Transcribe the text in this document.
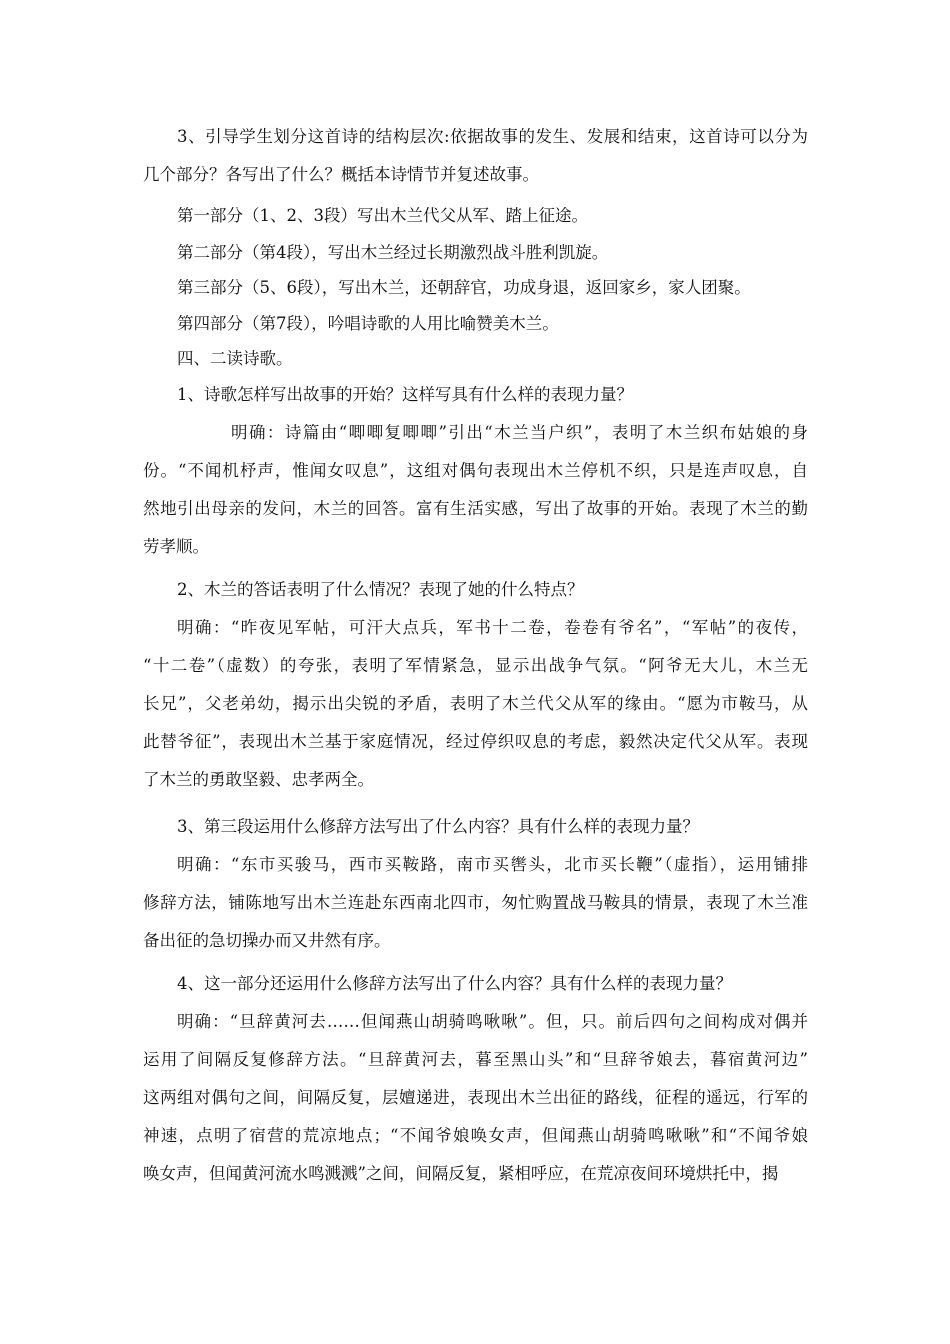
3、引导学生划分这首诗的结构层次:依据故事的发生、发展和结束，这首诗可以分为
几个部分？各写出了什么？概括本诗情节并复述故事。
第一部分（1、2、3段）写出木兰代父从军、踏上征途。
第二部分（第4段），写出木兰经过长期激烈战斗胜利凯旋。
第三部分（5、6段），写出木兰，还朝辞官，功成身退，返回家乡，家人团聚。
第四部分（第7段），吟唱诗歌的人用比喻赞美木兰。
四、二读诗歌。
1、诗歌怎样写出故事的开始？这样写具有什么样的表现力量？
明确：诗篇由“唧唧复唧唧”引出“木兰当户织”，表明了木兰织布姑娘的身
份。“不闻机杼声，惟闻女叹息”，这组对偶句表现出木兰停机不织，只是连声叹息，自
然地引出母亲的发问，木兰的回答。富有生活实感，写出了故事的开始。表现了木兰的勤
劳孝顺。
2、木兰的答话表明了什么情况？表现了她的什么特点？
明确：“昨夜见军帖，可汗大点兵，军书十二卷，卷卷有爷名”，“军帖”的夜传，
“十二卷”（虚数）的夸张，表明了军情紧急，显示出战争气氛。“阿爷无大儿，木兰无
长兄”，父老弟幼，揭示出尖锐的矛盾，表明了木兰代父从军的缘由。“愿为市鞍马，从
此替爷征”，表现出木兰基于家庭情况，经过停织叹息的考虑，毅然决定代父从军。表现
了木兰的勇敢坚毅、忠孝两全。
3、第三段运用什么修辞方法写出了什么内容？具有什么样的表现力量？
明确：“东市买骏马，西市买鞍路，南市买辔头，北市买长鞭”（虚指），运用铺排
修辞方法，铺陈地写出木兰连赴东西南北四市，匆忙购置战马鞍具的情景，表现了木兰准
备出征的急切操办而又井然有序。
4、这一部分还运用什么修辞方法写出了什么内容？具有什么样的表现力量？
明确：“旦辞黄河去……但闻燕山胡骑鸣啾啾”。但，只。前后四句之间构成对偶并
运用了间隔反复修辞方法。“旦辞黄河去，暮至黑山头”和“旦辞爷娘去，暮宿黄河边”
这两组对偶句之间，间隔反复，层嬗递进，表现出木兰出征的路线，征程的遥远，行军的
神速，点明了宿营的荒凉地点；“不闻爷娘唤女声，但闻燕山胡骑鸣啾啾”和“不闻爷娘
唤女声，但闻黄河流水鸣溅溅”之间，间隔反复，紧相呼应，在荒凉夜间环境烘托中，揭
